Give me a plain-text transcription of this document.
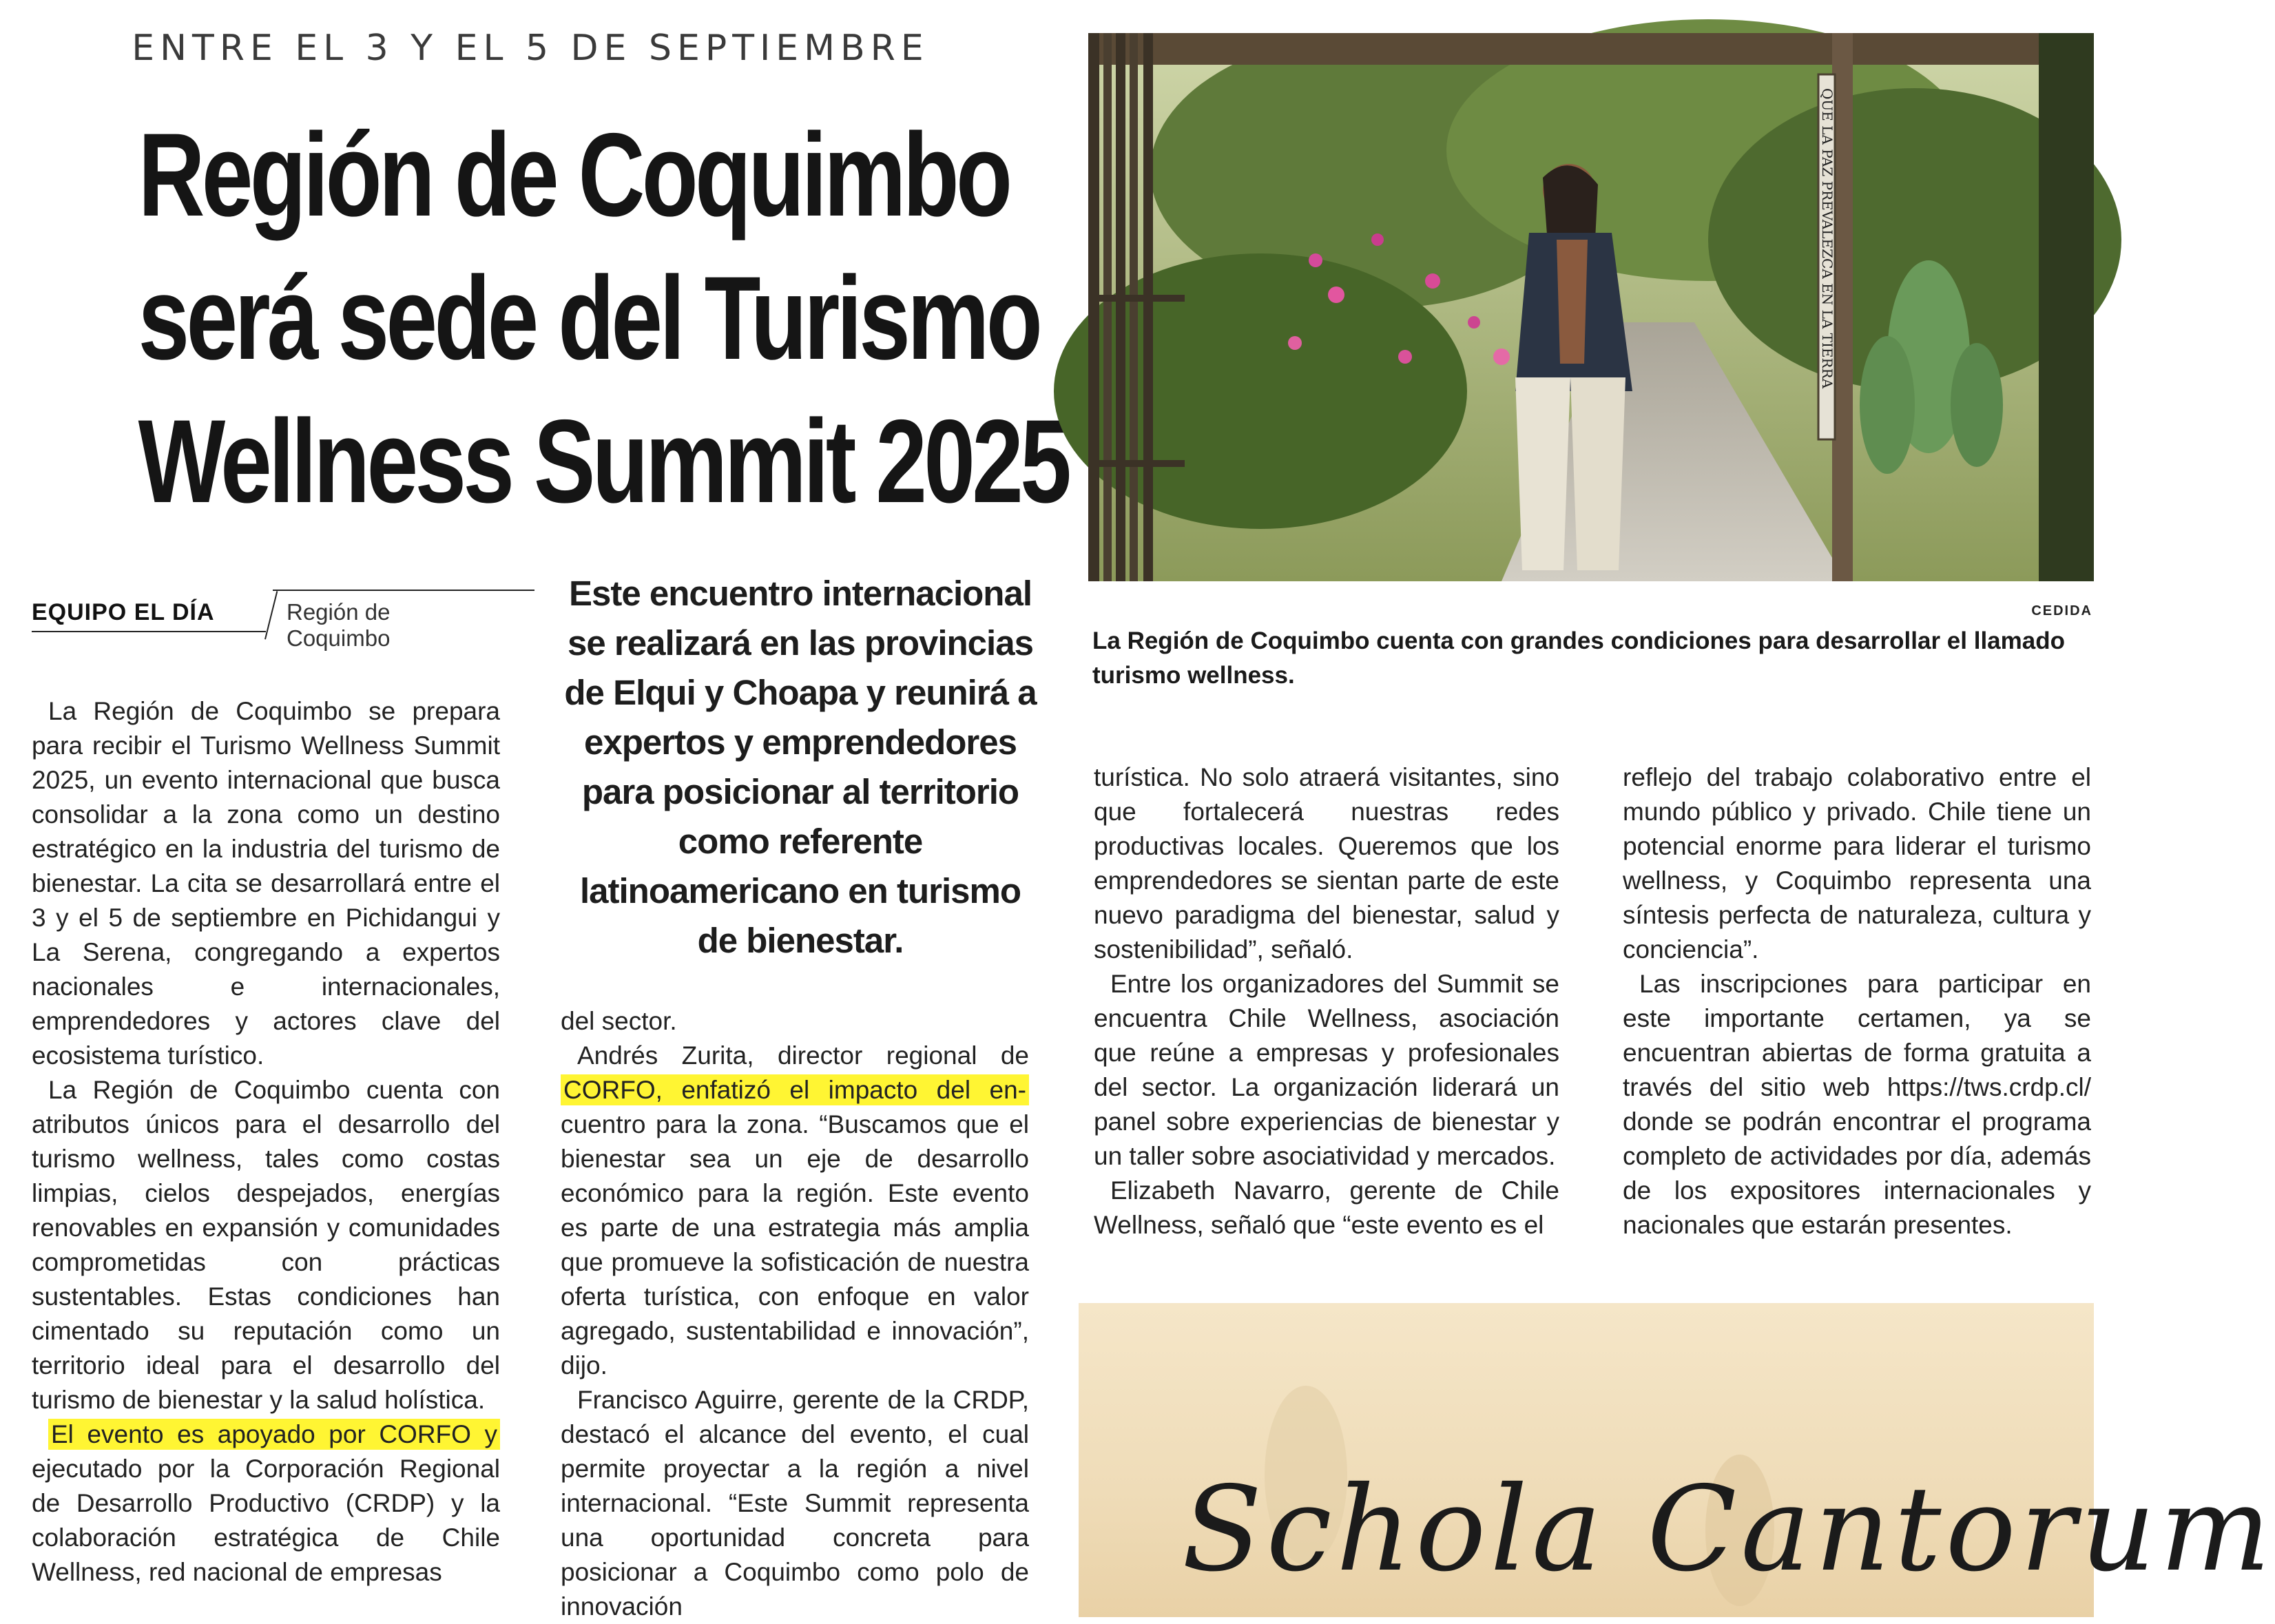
ENTRE EL 3 Y EL 5 DE SEPTIEMBRE
Región de Coquimbo
será sede del Turismo
Wellness Summit 2025
EQUIPO EL DÍA	Región de Coquimbo

La Región de Coquimbo se prepara para recibir el Turismo Wellness Summit 2025, un evento internacional que busca consolidar a la zona como un destino estratégico en la industria del turismo de bienestar. La cita se desarrollará entre el 3 y el 5 de septiembre en Pichidangui y La Serena, congregando a expertos nacionales e internacionales, emprendedores y actores clave del ecosistema turístico.

La Región de Coquimbo cuenta con atributos únicos para el desarrollo del turismo wellness, tales como costas limpias, cielos despejados, energías renovables en expansión y comunidades comprometidas con prácticas sustentables. Estas condiciones han cimentado su reputación como un territorio ideal para el desarrollo del turismo de bienestar y la salud holística.

El evento es apoyado por CORFO y ejecutado por la Corporación Regional de Desarrollo Productivo (CRDP) y la colaboración estratégica de Chile Wellness, red nacional de empresas

Este encuentro internacional se realizará en las provincias de Elqui y Choapa y reunirá a expertos y emprendedores para posicionar al territorio como referente latinoamericano en turismo de bienestar.

del sector.

Andrés Zurita, director regional de CORFO, enfatizó el impacto del en- cuentro para la zona. “Buscamos que el bienestar sea un eje de desarrollo económico para la región. Este evento es parte de una estrategia más amplia que promueve la sofisticación de nuestra oferta turística, con enfoque en valor agregado, sustentabilidad e innovación”, dijo.

Francisco Aguirre, gerente de la CRDP, destacó el alcance del evento, el cual permite proyectar a la región a nivel internacional. “Este Summit representa una oportunidad concreta para posicionar a Coquimbo como polo de innovación

QUE LA PAZ PREVALEZCA EN LA TIERRA
CEDIDA
La Región de Coquimbo cuenta con grandes condiciones para desarrollar el llamado turismo wellness.

turística. No solo atraerá visitantes, sino que fortalecerá nuestras redes productivas locales. Queremos que los emprendedores se sientan parte de este nuevo paradigma del bienestar, salud y sostenibilidad”, señaló.

Entre los organizadores del Summit se encuentra Chile Wellness, asociación que reúne a empresas y profesionales del sector. La organización liderará un panel sobre experiencias de bienestar y un taller sobre asociatividad y mercados.

Elizabeth Navarro, gerente de Chile Wellness, señaló que “este evento es el

reflejo del trabajo colaborativo entre el mundo público y privado. Chile tiene un potencial enorme para liderar el turismo wellness, y Coquimbo representa una síntesis perfecta de naturaleza, cultura y conciencia”.

Las inscripciones para participar en este importante certamen, ya se encuentran abiertas de forma gratuita a través del sitio web https://tws.crdp.cl/ donde se podrán encontrar el programa completo de actividades por día, además de los expositores internacionales y nacionales que estarán presentes.

Schola Cantorum
